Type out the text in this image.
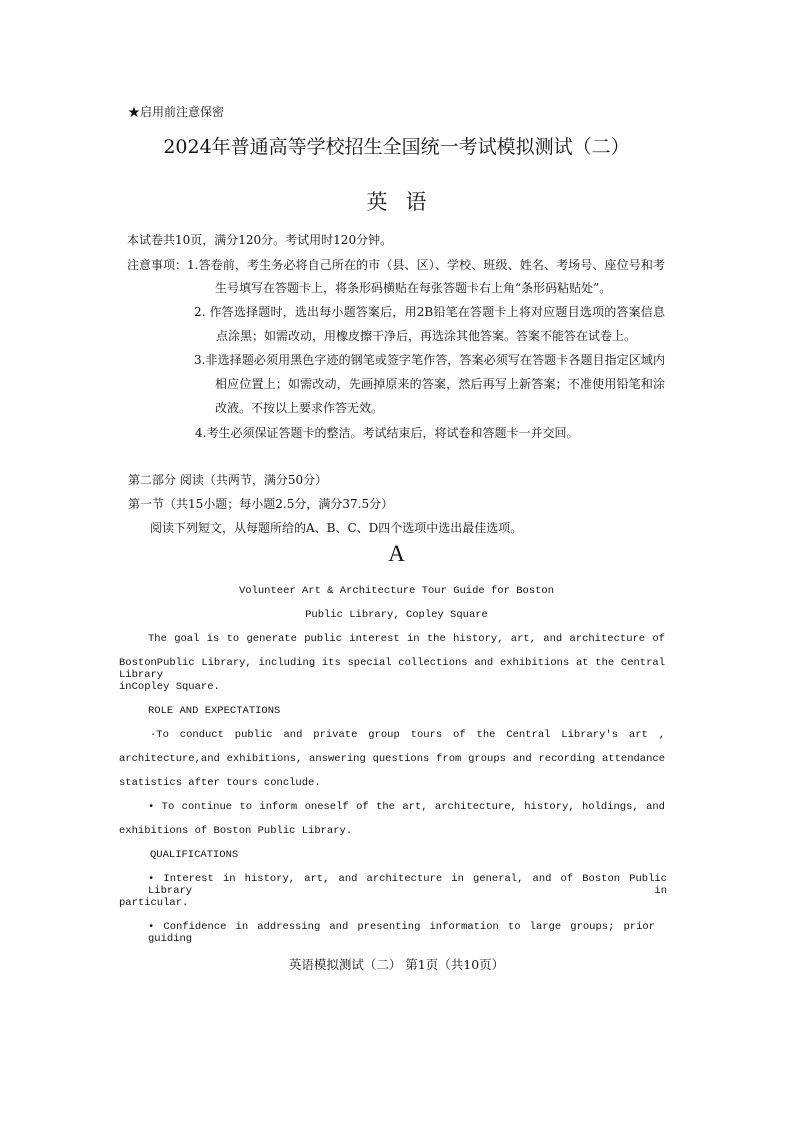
★启用前注意保密
2024年普通高等学校招生全国统一考试模拟测试（二）
英语
本试卷共10页，满分120分。考试用时120分钟。
注意事项： 1.答卷前，考生务必将自己所在的市（县、区）、学校、班级、姓名、考场号、座位号和考
生号填写在答题卡上，将条形码横贴在每张答题卡右上角“条形码粘贴处”。
2. 作答选择题时，选出每小题答案后，用2B铅笔在答题卡上将对应题目选项的答案信息
点涂黑；如需改动，用橡皮擦干净后，再选涂其他答案。答案不能答在试卷上。
3.非选择题必须用黑色字迹的钢笔或签字笔作答，答案必须写在答题卡各题目指定区域内
相应位置上；如需改动，先画掉原来的答案，然后再写上新答案；不准使用铅笔和涂
改液。不按以上要求作答无效。
4.考生必须保证答题卡的整洁。考试结束后，将试卷和答题卡一并交回。
第二部分 阅读（共两节，满分50分）
第一节（共15小题；每小题2.5分，满分37.5分）
阅读下列短文，从每题所给的A、B、C、D四个选项中选出最佳选项。
A
Volunteer Art & Architecture Tour Guide for Boston
Public Library, Copley Square
The goal is to generate public interest in the history, art, and architecture of
BostonPublic Library, including its special collections and exhibitions at the Central Library
inCopley Square.
ROLE AND EXPECTATIONS
·To conduct public and private group tours of the Central Library's art ,
architecture,and exhibitions, answering questions from groups and recording attendance
statistics after tours conclude.
• To continue to inform oneself of the art, architecture, history, holdings, and
exhibitions of Boston Public Library.
QUALIFICATIONS
• Interest in history, art, and architecture in general, and of Boston Public Library in
particular.
• Confidence in addressing and presenting information to large groups; prior guiding
英语模拟测试（二） 第1页（共10页）
